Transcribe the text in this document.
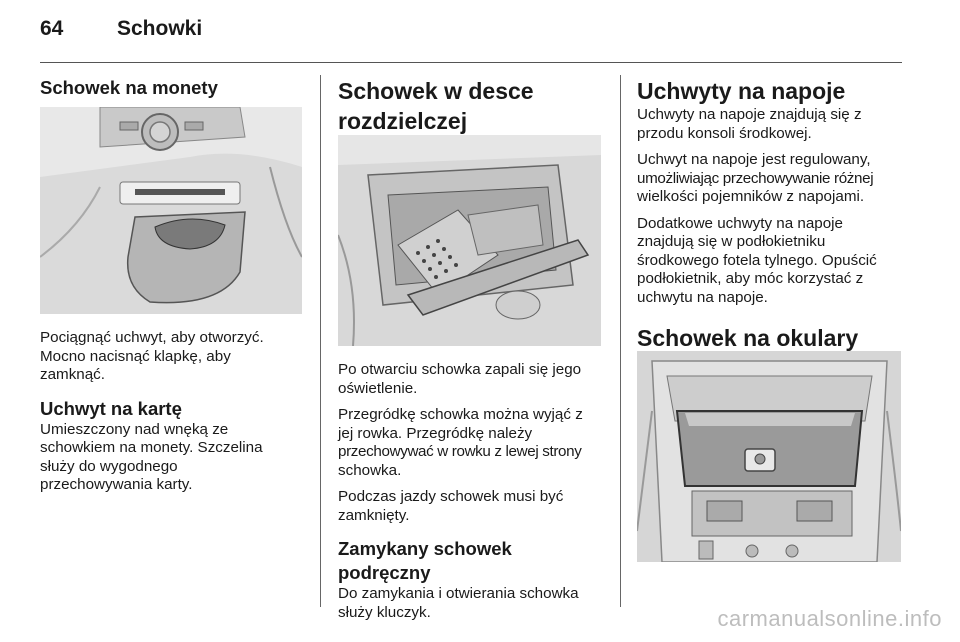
64	Schowki
Schowek na monety

Pociągnąć uchwyt, aby otworzyć.

Mocno nacisnąć klapkę, aby

zamknąć.

Uchwyt na kartę

Umieszczony nad wnęką ze

schowkiem na monety. Szczelina

służy do wygodnego

przechowywania karty.

Schowek w desce
rozdzielczej

Po otwarciu schowka zapali się jego

oświetlenie.

Przegródkę schowka można wyjąć z

jej rowka. Przegródkę należy

przechowywać w rowku z lewej strony

schowka.

Podczas jazdy schowek musi być

zamknięty.

Zamykany schowek podręczny

Do zamykania i otwierania schowka

służy kluczyk.

Uchwyty na napoje

Uchwyty na napoje znajdują się z

przodu konsoli środkowej.

Uchwyt na napoje jest regulowany,

umożliwiając przechowywanie różnej

wielkości pojemników z napojami.

Dodatkowe uchwyty na napoje

znajdują się w podłokietniku

środkowego fotela tylnego. Opuścić

podłokietnik, aby móc korzystać z

uchwytu na napoje.

Schowek na okulary
carmanualsonline.info
